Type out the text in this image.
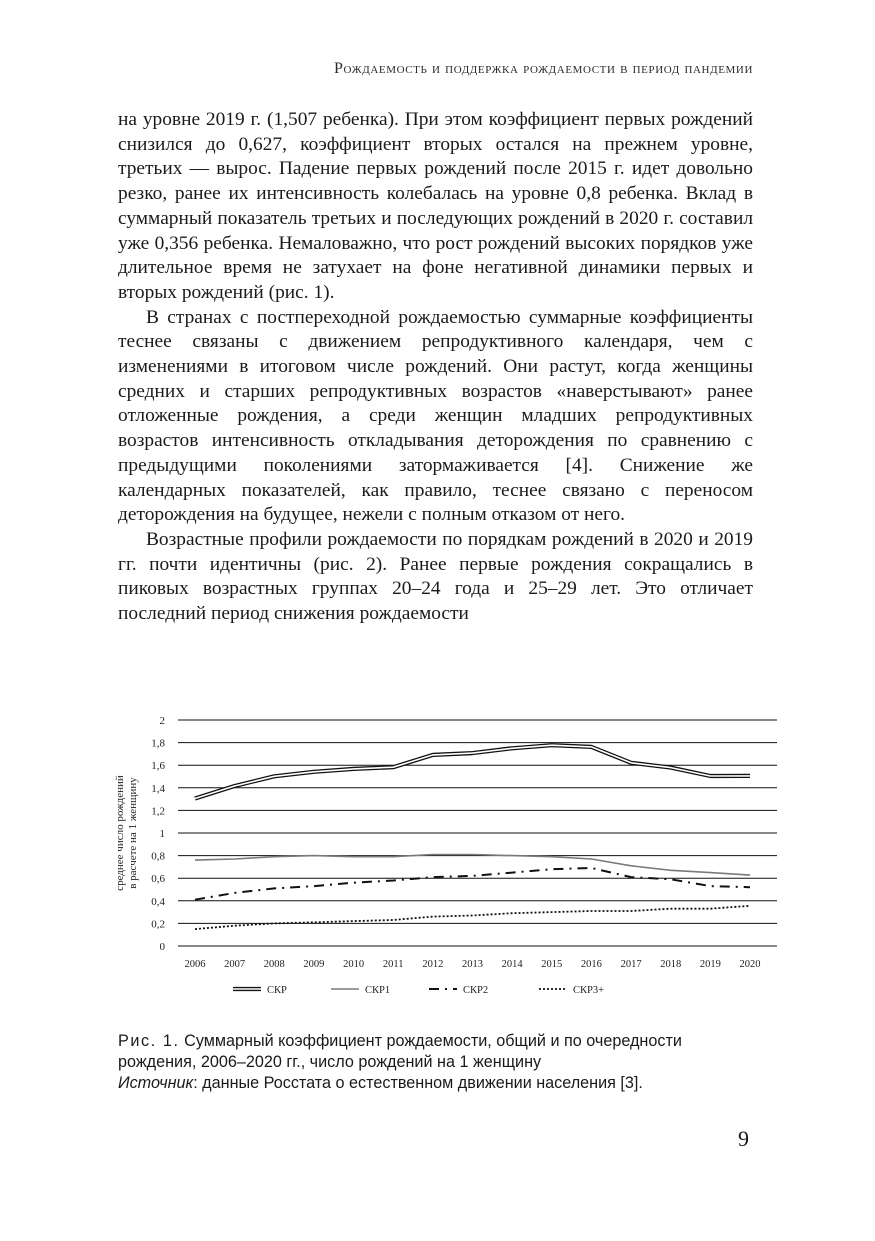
Рождаемость и поддержка рождаемости в период пандемии

на уровне 2019 г. (1,507 ребенка). При этом коэффициент первых рождений снизился до 0,627, коэффициент вторых остался на прежнем уровне, третьих — вырос. Падение первых рождений после 2015 г. идет довольно резко, ранее их интенсивность колебалась на уровне 0,8 ребенка. Вклад в суммарный показатель третьих и последующих рождений в 2020 г. составил уже 0,356 ребенка. Немаловажно, что рост рождений высоких порядков уже длительное время не затухает на фоне негативной динамики первых и вторых рождений (рис. 1).

В странах с постпереходной рождаемостью суммарные коэффициенты теснее связаны с движением репродуктивного календаря, чем с изменениями в итоговом числе рождений. Они растут, когда женщины средних и старших репродуктивных возрастов «наверстывают» ранее отложенные рождения, а среди женщин младших репродуктивных возрастов интенсивность откладывания деторождения по сравнению с предыдущими поколениями затормаживается [4]. Снижение же календарных показателей, как правило, теснее связано с переносом деторождения на будущее, нежели с полным отказом от него.

Возрастные профили рождаемости по порядкам рождений в 2020 и 2019 гг. почти идентичны (рис. 2). Ранее первые рождения сокращались в пиковых возрастных группах 20–24 года и 25–29 лет. Это отличает последний период снижения рождаемости

0
0,2
0,4
0,6
0,8
1
1,2
1,4
1,6
1,8
2
среднее число рождений в расчете на 1 женщину
2006 2007 2008 2009 2010 2011 2012 2013 2014 2015 2016 2017 2018 2019 2020
СКР	СКР1	СКР2	СКР3+
Рис. 1. Суммарный коэффициент рождаемости, общий и по очередности рождения, 2006–2020 гг., число рождений на 1 женщину
Источник: данные Росстата о естественном движении населения [3].
9
